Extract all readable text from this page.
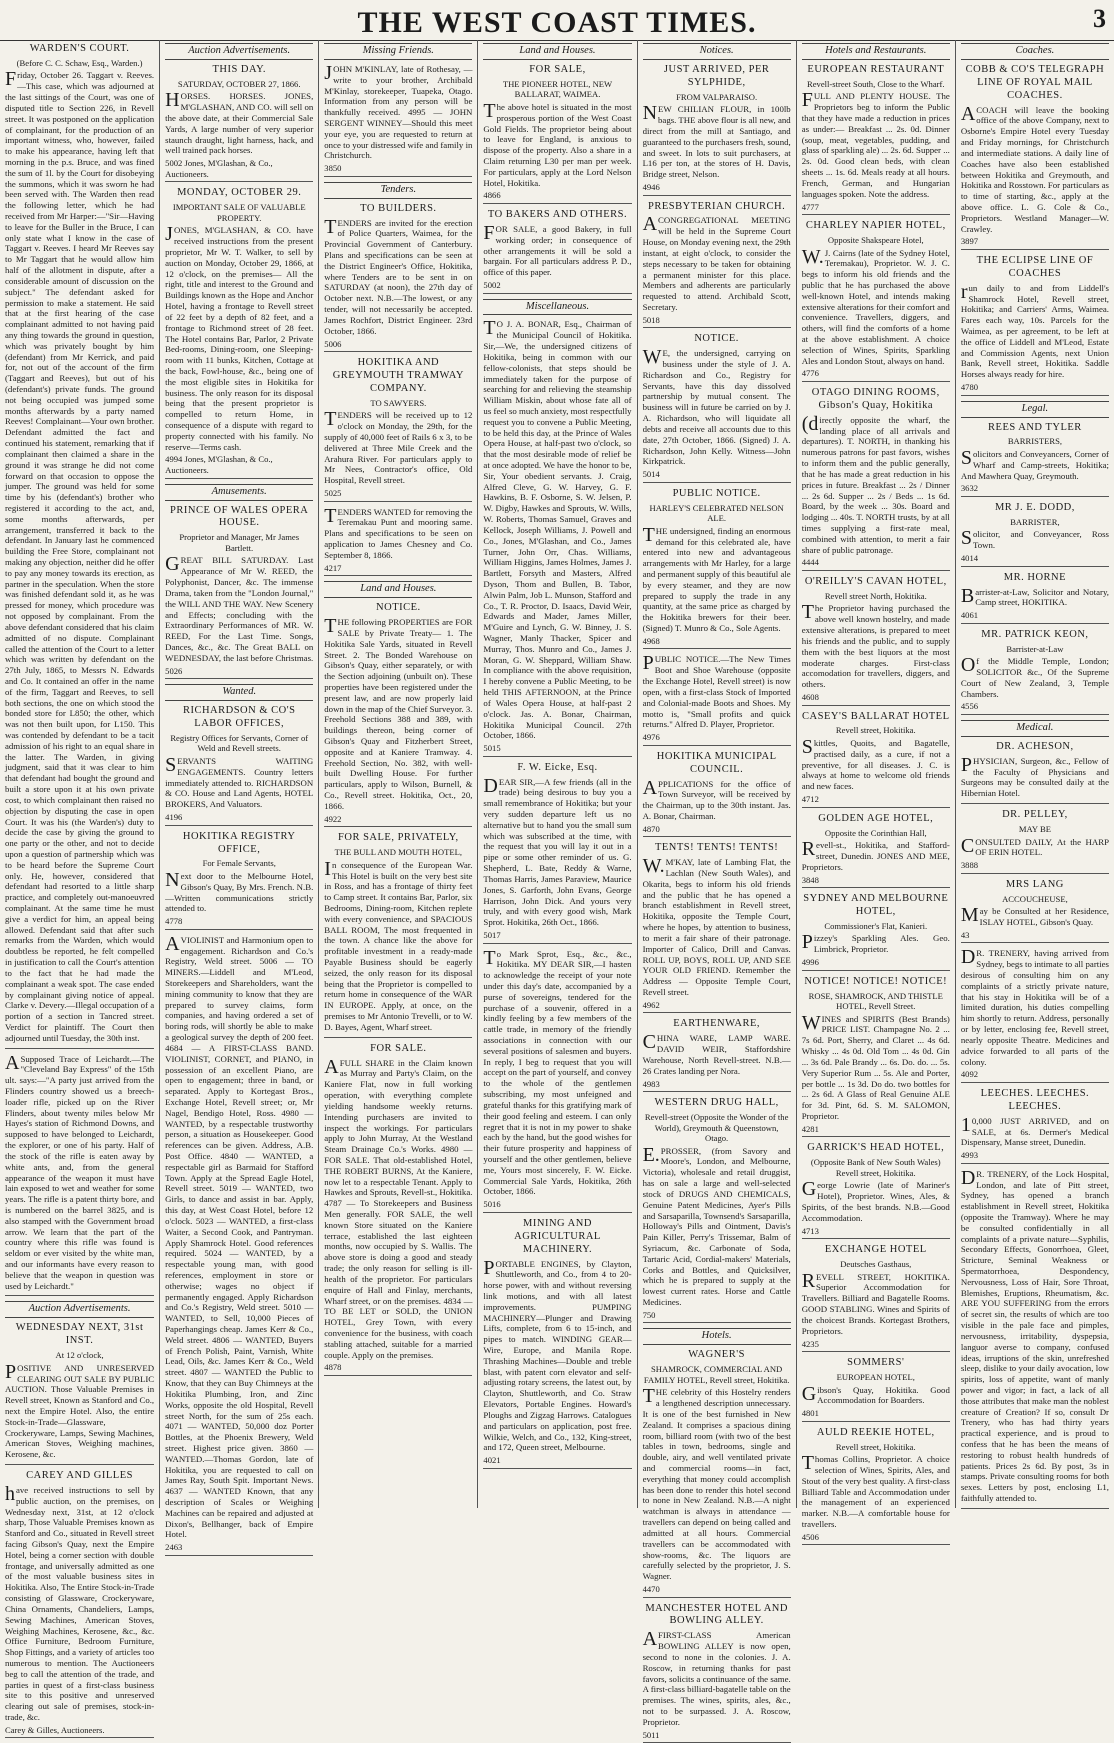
THE WEST COAST TIMES.	3
WARDEN'S COURT.
(Before C. C. Schaw, Esq., Warden.)
Friday, October 26. Taggart v. Reeves.—This case, which was adjourned at the last sittings of the Court, was one of disputed title to Section 226, in Revell street. It was postponed on the application of complainant, for the production of an important witness, who, however, failed to make his appearance, having left that morning in the p.s. Bruce, and was fined the sum of 1l. by the Court for disobeying the summons, which it was sworn he had been served with. The Warden then read the following letter, which he had received from Mr Harper:—"Sir—Having to leave for the Buller in the Bruce, I can only state what I know in the case of Taggart v. Reeves. I heard Mr Reeves say to Mr Taggart that he would allow him half of the allotment in dispute, after a considerable amount of discussion on the subject." The defendant asked for permission to make a statement. He said that at the first hearing of the case complainant admitted to not having paid any thing towards the ground in question, which was privately bought by him (defendant) from Mr Kerrick, and paid for, not out of the account of the firm (Taggart and Reeves), but out of his (defendant's) private funds. The ground not being occupied was jumped some months afterwards by a party named Reeves! Complainant—Your own brother. Defendant admitted the fact and continued his statement, remarking that if complainant then claimed a share in the ground it was strange he did not come forward on that occasion to oppose the jumper. The ground was held for some time by his (defendant's) brother who registered it according to the act, and, some months afterwards, per arrangement, transferred it back to the defendant. In January last he commenced building the Free Store, complainant not making any objection, neither did he offer to pay any money towards its erection, as partner in the speculation. When the store was finished defendant sold it, as he was pressed for money, which procedure was not opposed by complainant. From the above defendant considered that his claim admitted of no dispute. Complainant called the attention of the Court to a letter which was written by defendant on the 27th July, 1865, to Messrs N. Edwards and Co. It contained an offer in the name of the firm, Taggart and Reeves, to sell both sections, the one on which stood the bonded store for L850; the other, which was not then built upon, for L150. This was contended by defendant to be a tacit admission of his right to an equal share in the latter. The Warden, in giving judgment, said that it was clear to him that defendant had bought the ground and built a store upon it at his own private cost, to which complainant then raised no objection by disputing the case in open Court. It was his (the Warden's) duty to decide the case by giving the ground to one party or the other, and not to decide upon a question of partnership which was to be heard before the Supreme Court only. He, however, considered that defendant had resorted to a little sharp practice, and completely out-manoeuvred complainant. At the same time he must give a verdict for him, an appeal being allowed. Defendant said that after such remarks from the Warden, which would doubtless be reported, he felt compelled in justification to call the Court's attention to the fact that he had made the complainant a weak spot. The case ended by complainant giving notice of appeal. Clarke v. Devery.—Illegal occupation of a portion of a section in Tancred street. Verdict for plaintiff. The Court then adjourned until Tuesday, the 30th inst.
ASupposed Trace of Leichardt.—The "Cleveland Bay Express" of the 15th ult. says:—"A party just arrived from the Flinders country showed us a breech-loader rifle, picked up on the River Flinders, about twenty miles below Mr Hayes's station of Richmond Downs, and supposed to have belonged to Leichardt, the explorer, or one of his party. Half of the stock of the rifle is eaten away by white ants, and, from the general appearance of the weapon it must have lain exposed to wet and weather for some years. The rifle is a patent thirty bore, and is numbered on the barrel 3825, and is also stamped with the Government broad arrow. We learn that the part of the country where this rifle was found is seldom or ever visited by the white man, and our informants have every reason to believe that the weapon in question was used by Leichardt."
Auction Advertisements.
WEDNESDAY NEXT, 31st INST.
At 12 o'clock,
POSITIVE AND UNRESERVED CLEARING OUT SALE BY PUBLIC AUCTION. Those Valuable Premises in Revell street, Known as Stanford and Co., next the Empire Hotel. Also, the entire Stock-in-Trade—Glassware, Crockeryware, Lamps, Sewing Machines, American Stoves, Weighing machines, Kerosene, &c.
CAREY AND GILLES
have received instructions to sell by public auction, on the premises, on Wednesday next, 31st, at 12 o'clock sharp, Those Valuable Premises known as Stanford and Co., situated in Revell street facing Gibson's Quay, next the Empire Hotel, being a corner section with double frontage, and universally admitted as one of the most valuable business sites in Hokitika. Also, The Entire Stock-in-Trade consisting of Glassware, Crockeryware, China Ornaments, Chandeliers, Lamps, Sewing Machines, American Stoves, Weighing Machines, Kerosene, &c., &c. Office Furniture, Bedroom Furniture, Shop Fittings, and a variety of articles too numerous to mention. The Auctioneers beg to call the attention of the trade, and parties in quest of a first-class business site to this positive and unreserved clearing out sale of premises, stock-in-trade, &c.
Carey & Gilles, Auctioneers.
Auction Advertisements.
THIS DAY.
SATURDAY, OCTOBER 27, 1866.
HORSES. HORSES. JONES, M'GLASHAN, AND CO. will sell on the above date, at their Commercial Sale Yards, A large number of very superior staunch draught, light harness, hack, and well trained pack horses.
5002 Jones, M'Glashan, & Co., Auctioneers.
MONDAY, OCTOBER 29.
IMPORTANT SALE OF VALUABLE PROPERTY.
JONES, M'GLASHAN, & CO. have received instructions from the present proprietor, Mr W. T. Walker, to sell by auction on Monday, October 29, 1866, at 12 o'clock, on the premises— All the right, title and interest to the Ground and Buildings known as the Hope and Anchor Hotel, having a frontage to Revell street of 22 feet by a depth of 82 feet, and a frontage to Richmond street of 28 feet. The Hotel contains Bar, Parlor, 2 Private Bed-rooms, Dining-room, one Sleeping-room with 11 bunks, Kitchen, Cottage at the back, Fowl-house, &c., being one of the most eligible sites in Hokitika for business. The only reason for its disposal being that the present proprietor is compelled to return Home, in consequence of a dispute with regard to property connected with his family. No reserve—Terms cash.
4994 Jones, M'Glashan, & Co., Auctioneers.
Amusements.
PRINCE OF WALES OPERA HOUSE.
Proprietor and Manager, Mr James Bartlett.
GREAT BILL SATURDAY. Last Appearance of Mr W. REED, the Polyphonist, Dancer, &c. The immense Drama, taken from the "London Journal," the WILL AND THE WAY. New Scenery and Effects; concluding with the Extraordinary Performances of MR. W. REED, For the Last Time. Songs, Dances, &c., &c. The Great BALL on WEDNESDAY, the last before Christmas.
5026
Wanted.
RICHARDSON & CO'S LABOR OFFICES,
Registry Offices for Servants, Corner of Weld and Revell streets.
SERVANTS WAITING ENGAGEMENTS. Country letters immediately attended to. RICHARDSON & CO. House and Land Agents, HOTEL BROKERS, And Valuators.
4196
HOKITIKA REGISTRY OFFICE,
For Female Servants,
Next door to the Melbourne Hotel, Gibson's Quay, By Mrs. French. N.B.—Written communications strictly attended to.
4778
AVIOLINIST and Harmonium open to engagement. Richardson and Co.'s Registry, Weld street. 5006 — TO MINERS.—Liddell and M'Leod, Storekeepers and Shareholders, want the mining community to know that they are prepared to survey claims, form companies, and having ordered a set of boring rods, will shortly be able to make a geological survey the depth of 200 feet. 4684 — A FIRST-CLASS BAND. VIOLINIST, CORNET, and PIANO, in possession of an excellent Piano, are open to engagement; three in band, or separated. Apply to Kortegast Bros., Exchange Hotel, Revell street; or, Mr Nagel, Bendigo Hotel, Ross. 4980 — WANTED, by a respectable trustworthy person, a situation as Housekeeper. Good references can be given. Address, A.B. Post Office. 4840 — WANTED, a respectable girl as Barmaid for Stafford Town. Apply at the Spread Eagle Hotel, Revell street. 5019 — WANTED, two Girls, to dance and assist in bar. Apply, this day, at West Coast Hotel, before 12 o'clock. 5023 — WANTED, a first-class Waiter, a Second Cook, and Pantryman. Apply Shamrock Hotel. Good references required. 5024 — WANTED, by a respectable young man, with good references, employment in store or otherwise; wages no object if permanently engaged. Apply Richardson and Co.'s Registry, Weld street. 5010 — WANTED, to Sell, 10,000 Pieces of Paperhangings cheap. James Kerr & Co., Weld street. 4806 — WANTED, Buyers of French Polish, Paint, Varnish, White Lead, Oils, &c. James Kerr & Co., Weld street. 4807 — WANTED the Public to Know, that they can Buy Chimneys at the Hokitika Plumbing, Iron, and Zinc Works, opposite the old Hospital, Revell street North, for the sum of 25s each. 4071 — WANTED, 50,000 doz Porter Bottles, at the Phoenix Brewery, Weld street. Highest price given. 3860 — WANTED.—Thomas Gordon, late of Hokitika, you are requested to call on James Ray, South Spit. Important News. 4637 — WANTED Known, that any description of Scales or Weighing Machines can be repaired and adjusted at Dixon's, Bellhanger, back of Empire Hotel.
2463
Missing Friends.
JOHN M'KINLAY, late of Rothesay, —write to your brother, Archibald M'Kinlay, storekeeper, Tuapeka, Otago. Information from any person will be thankfully received. 4995 — JOHN SERGENT WINNEY—Should this meet your eye, you are requested to return at once to your distressed wife and family in Christchurch.
3850
Tenders.
TO BUILDERS.
TENDERS are invited for the erection of Police Quarters, Waimea, for the Provincial Government of Canterbury. Plans and specifications can be seen at the District Engineer's Office, Hokitika, where Tenders are to be sent in on SATURDAY (at noon), the 27th day of October next. N.B.—The lowest, or any tender, will not necessarily be accepted. James Rochfort, District Engineer. 23rd October, 1866.
5006
HOKITIKA AND GREYMOUTH TRAMWAY COMPANY.
TO SAWYERS.
TENDERS will be received up to 12 o'clock on Monday, the 29th, for the supply of 40,000 feet of Rails 6 x 3, to be delivered at Three Mile Creek and the Arahura River. For particulars apply to Mr Nees, Contractor's office, Old Hospital, Revell street.
5025
TENDERS WANTED for removing the Teremakau Punt and mooring same. Plans and specifications to be seen on application to James Chesney and Co. September 8, 1866.
4217
Land and Houses.
NOTICE.
THE following PROPERTIES are FOR SALE by Private Treaty— 1. The Hokitika Sale Yards, situated in Revell Street. 2. The Bonded Warehouse on Gibson's Quay, either separately, or with the Section adjoining (unbuilt on). These properties have been registered under the present law, and are now properly laid down in the map of the Chief Surveyor. 3. Freehold Sections 388 and 389, with buildings thereon, being corner of Gibson's Quay and Fitzherbert Street, opposite and at Kaniere Tramway. 4. Freehold Section, No. 382, with well-built Dwelling House. For further particulars, apply to Wilson, Burnell, & Co., Revell street. Hokitika, Oct., 20, 1866.
4922
FOR SALE, PRIVATELY,
THE BULL AND MOUTH HOTEL,
In consequence of the European War. This Hotel is built on the very best site in Ross, and has a frontage of thirty feet to Camp street. It contains Bar, Parlor, six Bedrooms, Dining-room, Kitchen replete with every convenience, and SPACIOUS BALL ROOM, The most frequented in the town. A chance like the above for profitable investment in a ready-made Payable Business should be eagerly seized, the only reason for its disposal being that the Proprietor is compelled to return home in consequence of the WAR IN EUROPE. Apply, at once, on the premises to Mr Antonio Trevelli, or to W. D. Bayes, Agent, Wharf street.
FOR SALE.
AFULL SHARE in the Claim known as Murray and Party's Claim, on the Kaniere Flat, now in full working operation, with everything complete yielding handsome weekly returns. Intending purchasers are invited to inspect the workings. For particulars apply to John Murray, At the Westland Steam Drainage Co.'s Works. 4980 — FOR SALE. That old-established Hotel, THE ROBERT BURNS, At the Kaniere, now let to a respectable Tenant. Apply to Hawkes and Sprouts, Revell-st., Hokitika. 4787 — To Storekeepers and Business Men generally. FOR SALE, the well known Store situated on the Kaniere terrace, established the last eighteen months, now occupied by S. Wallis. The above store is doing a good and steady trade; the only reason for selling is ill-health of the proprietor. For particulars enquire of Hall and Finlay, merchants, Wharf street, or on the premises. 4834 — TO BE LET or SOLD, the UNION HOTEL, Grey Town, with every convenience for the business, with coach stabling attached, suitable for a married couple. Apply on the premises.
4878
Land and Houses.
FOR SALE,
THE PIONEER HOTEL, NEW BALLARAT, WAIMEA.
The above hotel is situated in the most prosperous portion of the West Coast Gold Fields. The proprietor being about to leave for England, is anxious to dispose of the property. Also a share in a Claim returning L30 per man per week. For particulars, apply at the Lord Nelson Hotel, Hokitika.
4866
TO BAKERS AND OTHERS.
FOR SALE, a good Bakery, in full working order; in consequence of other arrangements it will be sold a bargain. For all particulars address P. D., office of this paper.
5002
Miscellaneous.
TO J. A. BONAR, Esq., Chairman of the Municipal Council of Hokitika. Sir,—We, the undersigned citizens of Hokitika, being in common with our fellow-colonists, that steps should be immediately taken for the purpose of searching for and relieving the steamship William Miskin, about whose fate all of us feel so much anxiety, most respectfully request you to convene a Public Meeting, to be held this day, at the Prince of Wales Opera House, at half-past two o'clock, so that the most desirable mode of relief be at once adopted. We have the honor to be, Sir, Your obedient servants. J. Craig, Alfred Cleve, G. W. Harvey, G. F. Hawkins, B. F. Osborne, S. W. Jelsen, P. W. Digby, Hawkes and Sprouts, W. Wills, W. Roberts, Thomas Samuel, Graves and Kellock, Joseph Williams, J. Powell and Co., Jones, M'Glashan, and Co., James Turner, John Orr, Chas. Williams, William Higgins, James Holmes, James J. Bartlett, Forsyth and Masters, Alfred Dyson, Thom and Bullen, B. Tabor, Alwin Palm, Job L. Munson, Stafford and Co., T. R. Proctor, D. Isaacs, David Weir, Edwards and Mader, James Miller, M'Guire and Lynch, G. W. Binney, J. S. Wagner, Manly Thacker, Spicer and Murray, Thos. Munro and Co., James J. Moran, G. W. Sheppard, William Shaw. In compliance with the above requisition, I hereby convene a Public Meeting, to be held THIS AFTERNOON, at the Prince of Wales Opera House, at half-past 2 o'clock. Jas. A. Bonar, Chairman, Hokitika Municipal Council. 27th October, 1866.
5015
F. W. Eicke, Esq.
DEAR SIR,—A few friends (all in the trade) being desirous to buy you a small remembrance of Hokitika; but your very sudden departure left us no alternative but to hand you the small sum which was subscribed at the time, with the request that you will lay it out in a pipe or some other reminder of us. G. Shepherd, L. Bate, Reddy & Warne, Thomas Harris, James Paraview, Maurice Jones, S. Garforth, John Evans, George Harrison, John Dick. And yours very truly, and with every good wish, Mark Sprot. Hokitika, 26th Oct., 1866.
5017
To Mark Sprot, Esq., &c., &c., Hokitika. MY DEAR SIR,—I hasten to acknowledge the receipt of your note under this day's date, accompanied by a purse of sovereigns, tendered for the purchase of a souvenir, offered in a kindly feeling by a few members of the cattle trade, in memory of the friendly associations in connection with our several positions of salesmen and buyers. In reply, I beg to request that you will accept on the part of yourself, and convey to the whole of the gentlemen subscribing, my most unfeigned and grateful thanks for this gratifying mark of their good feeling and esteem. I can only regret that it is not in my power to shake each by the hand, but the good wishes for their future prosperity and happiness of yourself and the other gentlemen, believe me, Yours most sincerely, F. W. Eicke. Commercial Sale Yards, Hokitika, 26th October, 1866.
5016
MINING AND AGRICULTURAL MACHINERY.
PORTABLE ENGINES, by Clayton, Shuttleworth, and Co., from 4 to 20-horse power, with and without reversing link motions, and with all latest improvements. PUMPING MACHINERY—Plunger and Drawing Lifts, complete, from 6 to 15-inch, and pipes to match. WINDING GEAR—Wire, Europe, and Manila Rope. Thrashing Machines—Double and treble blast, with patent corn elevator and self-adjusting rotary screens, the latest out, by Clayton, Shuttleworth, and Co. Straw Elevators, Portable Engines. Howard's Ploughs and Zigzag Harrows. Catalogues and particulars on application, post free. Wilkie, Welch, and Co., 132, King-street, and 172, Queen street, Melbourne.
4021
Notices.
JUST ARRIVED, PER SYLPHIDE,
FROM VALPARAISO.
NEW CHILIAN FLOUR, in 100lb bags. THE above flour is all new, and direct from the mill at Santiago, and guaranteed to the purchasers fresh, sound, and sweet. In lots to suit purchasers, at L16 per ton, at the stores of H. Davis, Bridge street, Nelson.
4946
PRESBYTERIAN CHURCH.
ACONGREGATIONAL MEETING will be held in the Supreme Court House, on Monday evening next, the 29th instant, at eight o'clock, to consider the steps necessary to be taken for obtaining a permanent minister for this place. Members and adherents are particularly requested to attend. Archibald Scott, Secretary.
5018
NOTICE.
WE, the undersigned, carrying on business under the style of J. A. Richardson and Co., Registry for Servants, have this day dissolved partnership by mutual consent. The business will in future be carried on by J. A. Richardson, who will liquidate all debts and receive all accounts due to this date, 27th October, 1866. (Signed) J. A. Richardson, John Kelly. Witness—John Kirkpatrick.
5014
PUBLIC NOTICE.
HARLEY'S CELEBRATED NELSON ALE.
THE undersigned, finding an enormous demand for this celebrated ale, have entered into new and advantageous arrangements with Mr Harley, for a large and permanent supply of this beautiful ale by every steamer, and they are now prepared to supply the trade in any quantity, at the same price as charged by the Hokitika brewers for their beer. (Signed) T. Munro & Co., Sole Agents.
4968
PUBLIC NOTICE.—The New Times Boot and Shoe Warehouse (opposite the Exchange Hotel, Revell street) is now open, with a first-class Stock of Imported and Colonial-made Boots and Shoes. My motto is, "Small profits and quick returns." Alfred D. Player, Proprietor.
4976
HOKITIKA MUNICIPAL COUNCIL.
APPLICATIONS for the office of Town Surveyor, will be received by the Chairman, up to the 30th instant. Jas. A. Bonar, Chairman.
4870
TENTS! TENTS! TENTS!
W.M'KAY, late of Lambing Flat, the Lachlan (New South Wales), and Okarita, begs to inform his old friends and the public that he has opened a branch establishment in Revell street, Hokitika, opposite the Temple Court, where he hopes, by attention to business, to merit a fair share of their patronage. Importer of Calico, Drill and Canvas. ROLL UP, BOYS, ROLL UP, AND SEE YOUR OLD FRIEND. Remember the Address — Opposite Temple Court, Revell street.
4962
EARTHENWARE,
CHINA WARE, LAMP WARE. DAVID WEIR, Staffordshire Warehouse, North Revell-street. N.B.—26 Crates landing per Nora.
4983
WESTERN DRUG HALL,
Revell-street (Opposite the Wonder of the World), Greymouth & Queenstown, Otago.
E.PROSSER, (from Savory and Moore's, London, and Melbourne, Victoria), wholesale and retail druggist, has on sale a large and well-selected stock of DRUGS AND CHEMICALS, Genuine Patent Medicines, Ayer's Pills and Sarsaparilla, Townsend's Sarsaparilla, Holloway's Pills and Ointment, Davis's Pain Killer, Perry's Trissemar, Balm of Syriacum, &c. Carbonate of Soda, Tartaric Acid, Cordial-makers' Materials, Corks and Bottles, and Quicksilver, which he is prepared to supply at the lowest current rates. Horse and Cattle Medicines.
750
Hotels.
WAGNER'S
SHAMROCK, COMMERCIAL AND FAMILY HOTEL, Revell street, Hokitika.
THE celebrity of this Hostelry renders a lengthened description unnecessary. It is one of the best furnished in New Zealand. It comprises a spacious dining room, billiard room (with two of the best tables in town, bedrooms, single and double, airy, and well ventilated private and commercial rooms—in fact, everything that money could accomplish has been done to render this hotel second to none in New Zealand. N.B.—A night watchman is always in attendance — travellers can depend on being called and admitted at all hours. Commercial travellers can be accommodated with show-rooms, &c. The liquors are carefully selected by the proprietor, J. S. Wagner.
4470
MANCHESTER HOTEL AND BOWLING ALLEY.
AFIRST-CLASS American BOWLING ALLEY is now open, second to none in the colonies. J. A. Roscow, in returning thanks for past favors, solicits a continuance of the same. A first-class billiard-bagatelle table on the premises. The wines, spirits, ales, &c., not to be surpassed. J. A. Roscow, Proprietor.
5011
Hotels and Restaurants.
EUROPEAN RESTAURANT
Revell-street South, Close to the Wharf.
FULL AND PLENTY HOUSE. The Proprietors beg to inform the Public that they have made a reduction in prices as under:— Breakfast ... 2s. 0d. Dinner (soup, meat, vegetables, pudding, and glass of sparkling ale) ... 2s. 6d. Supper ... 2s. 0d. Good clean beds, with clean sheets ... 1s. 6d. Meals ready at all hours. French, German, and Hungarian languages spoken. Note the address.
4777
CHARLEY NAPIER HOTEL,
Opposite Shakspeare Hotel,
W.J. Cairns (late of the Sydney Hotel, Teremakau), Proprietor. W. J. C. begs to inform his old friends and the public that he has purchased the above well-known Hotel, and intends making extensive alterations for their comfort and convenience. Travellers, diggers, and others, will find the comforts of a home at the above establishment. A choice selection of Wines, Spirits, Sparkling Ales and London Stout, always on hand.
4776
OTAGO DINING ROOMS, Gibson's Quay, Hokitika
(directly opposite the wharf, the landing place of all arrivals and departures). T. NORTH, in thanking his numerous patrons for past favors, wishes to inform them and the public generally, that he has made a great reduction in his prices in future. Breakfast ... 2s / Dinner ... 2s 6d. Supper ... 2s / Beds ... 1s 6d. Board, by the week ... 30s. Board and lodging ... 40s. T. NORTH trusts, by at all times supplying a first-rate meal, combined with attention, to merit a fair share of public patronage.
4444
O'REILLY'S CAVAN HOTEL,
Revell street North, Hokitika.
The Proprietor having purchased the above well known hostelry, and made extensive alterations, is prepared to meet his friends and the public, and to supply them with the best liquors at the most moderate charges. First-class accomodation for travellers, diggers, and others.
4608
CASEY'S BALLARAT HOTEL
Revell street, Hokitika.
Skittles, Quoits, and Bagatelle, practised daily, as a cure, if not a preventive, for all diseases. J. C. is always at home to welcome old friends and new faces.
4712
GOLDEN AGE HOTEL,
Opposite the Corinthian Hall,
Revell-st., Hokitika, and Stafford-street, Dunedin. JONES AND MEE, Proprietors.
3848
SYDNEY AND MELBOURNE HOTEL,
Commissioner's Flat, Kanieri.
Pizzey's Sparkling Ales. Geo. Limbrick, Proprietor.
4996
NOTICE! NOTICE! NOTICE!
ROSE, SHAMROCK, AND THISTLE HOTEL, Revell Street.
WINES and SPIRITS (Best Brands) PRICE LIST. Champagne No. 2 ... 7s 6d. Port, Sherry, and Claret ... 4s 6d. Whisky ... 4s 0d. Old Tom ... 4s 0d. Gin ... 3s 6d. Pale Brandy ... 6s. Do. do. ... 5s. Very Superior Rum ... 5s. Ale and Porter, per bottle ... 1s 3d. Do do. two bottles for ... 2s 6d. A Glass of Real Genuine ALE for 3d. Pint, 6d. S. M. SALOMON, Proprietor.
4281
GARRICK'S HEAD HOTEL,
(Opposite Bank of New South Wales) Revell street, Hokitika.
George Lowrie (late of Mariner's Hotel), Proprietor. Wines, Ales, & Spirits, of the best brands. N.B.—Good Accommodation.
4713
EXCHANGE HOTEL
Deutsches Gasthaus,
REVELL STREET, HOKITIKA. Superior Accommodation for Travellers. Billiard and Bagatelle Rooms. GOOD STABLING. Wines and Spirits of the choicest Brands. Kortegast Brothers, Proprietors.
4235
SOMMERS'
EUROPEAN HOTEL,
Gibson's Quay, Hokitika. Good Accommodation for Boarders.
4801
AULD REEKIE HOTEL,
Revell street, Hokitika.
Thomas Collins, Proprietor. A choice selection of Wines, Spirits, Ales, and Stout of the very best quality. A first-class Billiard Table and Accommodation under the management of an experienced marker. N.B.—A comfortable house for travellers.
4506
Coaches.
COBB & CO'S TELEGRAPH LINE OF ROYAL MAIL COACHES.
ACOACH will leave the booking office of the above Company, next to Osborne's Empire Hotel every Tuesday and Friday mornings, for Christchurch and intermediate stations. A daily line of Coaches have also been established between Hokitika and Greymouth, and Hokitika and Rosstown. For particulars as to time of starting, &c., apply at the above office. L. G. Cole & Co., Proprietors. Westland Manager—W. Crawley.
3897
THE ECLIPSE LINE OF COACHES
run daily to and from Liddell's Shamrock Hotel, Revell street, Hokitika; and Carriers' Arms, Waimea. Fares each way, 10s. Parcels for the Waimea, as per agreement, to be left at the office of Liddell and M'Leod, Estate and Commission Agents, next Union Bank, Revell street, Hokitika. Saddle Horses always ready for hire.
4780
Legal.
REES AND TYLER
BARRISTERS,
Solicitors and Conveyancers, Corner of Wharf and Camp-streets, Hokitika; And Mawhera Quay, Greymouth.
3632
MR J. E. DODD,
BARRISTER,
Solicitor, and Conveyancer, Ross Town.
4014
MR. HORNE
Barrister-at-Law, Solicitor and Notary, Camp street, HOKITIKA.
4061
MR. PATRICK KEON,
Barrister-at-Law
Of the Middle Temple, London; SOLICITOR &c., Of the Supreme Court of New Zealand, 3, Temple Chambers.
4556
Medical.
DR. ACHESON,
PHYSICIAN, Surgeon, &c., Fellow of the Faculty of Physicians and Surgeons may be consulted daily at the Hibernian Hotel.
DR. PELLEY,
MAY BE
CONSULTED DAILY, At the HARP OF ERIN HOTEL.
3888
MRS LANG
ACCOUCHEUSE,
May be Consulted at her Residence, ISLAY HOTEL, Gibson's Quay.
43
DR. TRENERY, having arrived from Sydney, begs to intimate to all parties desirous of consulting him on any complaints of a strictly private nature, that his stay in Hokitika will be of a limited duration, his duties compelling him shortly to return. Address, personally or by letter, enclosing fee, Revell street, nearly opposite Theatre. Medicines and advice forwarded to all parts of the colony.
4092
LEECHES. LEECHES. LEECHES.
10,000 JUST ARRIVED, and on SALE, at 6s. Dermer's Medical Dispensary, Manse street, Dunedin.
4993
DR. TRENERY, of the Lock Hospital, London, and late of Pitt street, Sydney, has opened a branch establishment in Revell street, Hokitika (opposite the Tramway). Where he may be consulted confidentially in all complaints of a private nature—Syphilis, Secondary Effects, Gonorrhoea, Gleet, Stricture, Seminal Weakness or Spermatorrhoea, Despondency, Nervousness, Loss of Hair, Sore Throat, Blemishes, Eruptions, Rheumatism, &c. ARE YOU SUFFERING from the errors of secret sin, the results of which are too visible in the pale face and pimples, nervousness, irritability, dyspepsia, languor averse to company, confused ideas, irruptions of the skin, unrefreshed sleep, dislike to your daily avocation, low spirits, loss of appetite, want of manly power and vigor; in fact, a lack of all those attributes that make man the noblest creature of Creation? If so, consult Dr Trenery, who has had thirty years practical experience, and is proud to confess that he has been the means of restoring to robust health hundreds of patients. Prices 2s 6d. By post, 3s in stamps. Private consulting rooms for both sexes. Letters by post, enclosing L1, faithfully attended to.
